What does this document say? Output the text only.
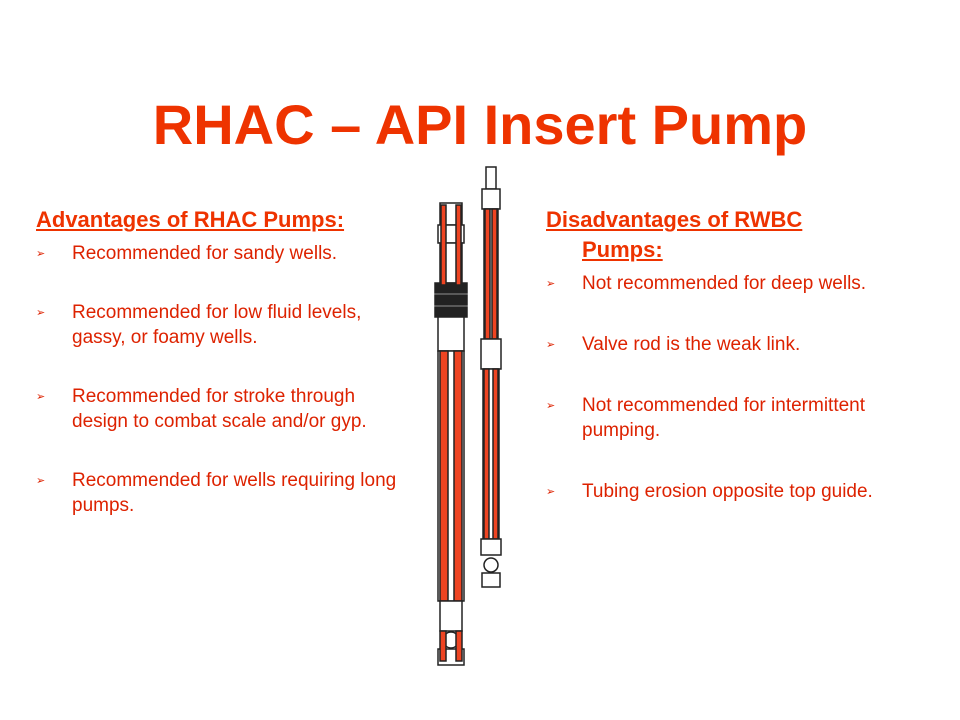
RHAC – API Insert Pump
Advantages of RHAC Pumps:
➢ Recommended for sandy wells.
➢ Recommended for low fluid levels, gassy, or foamy wells.
➢ Recommended for stroke through design to combat scale and/or gyp.
➢ Recommended for wells requiring long pumps.
Disadvantages of RWBC Pumps:
➢ Not recommended for deep wells.
➢ Valve rod is the weak link.
➢ Not recommended for intermittent pumping.
➢ Tubing erosion opposite top guide.
